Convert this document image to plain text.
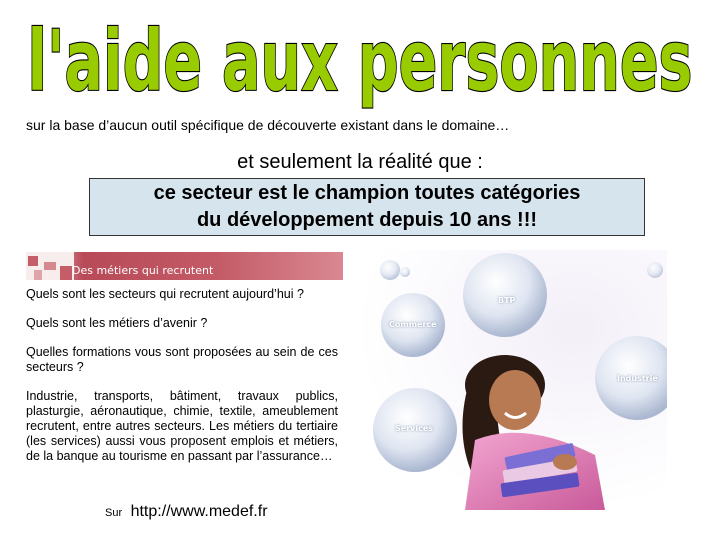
l'aide aux personnes
sur la base d’aucun outil spécifique de découverte existant dans le domaine…
et seulement la réalité que :
ce secteur est le champion toutes catégories
du développement depuis 10 ans !!!
Des métiers qui recrutent

Quels sont les secteurs qui recrutent aujourd’hui ?

Quels sont les métiers d’avenir ?

Quelles formations vous sont proposées au sein de ces secteurs ?

Industrie, transports, bâtiment, travaux publics, plasturgie, aéronautique, chimie, textile, ameublement recrutent, entre autres secteurs. Les métiers du tertiaire (les services) aussi vous proposent emplois et métiers, de la banque au tourisme en passant par l’assurance…

Sur http://www.medef.fr
BTP
Commerce
Industrie
Services
